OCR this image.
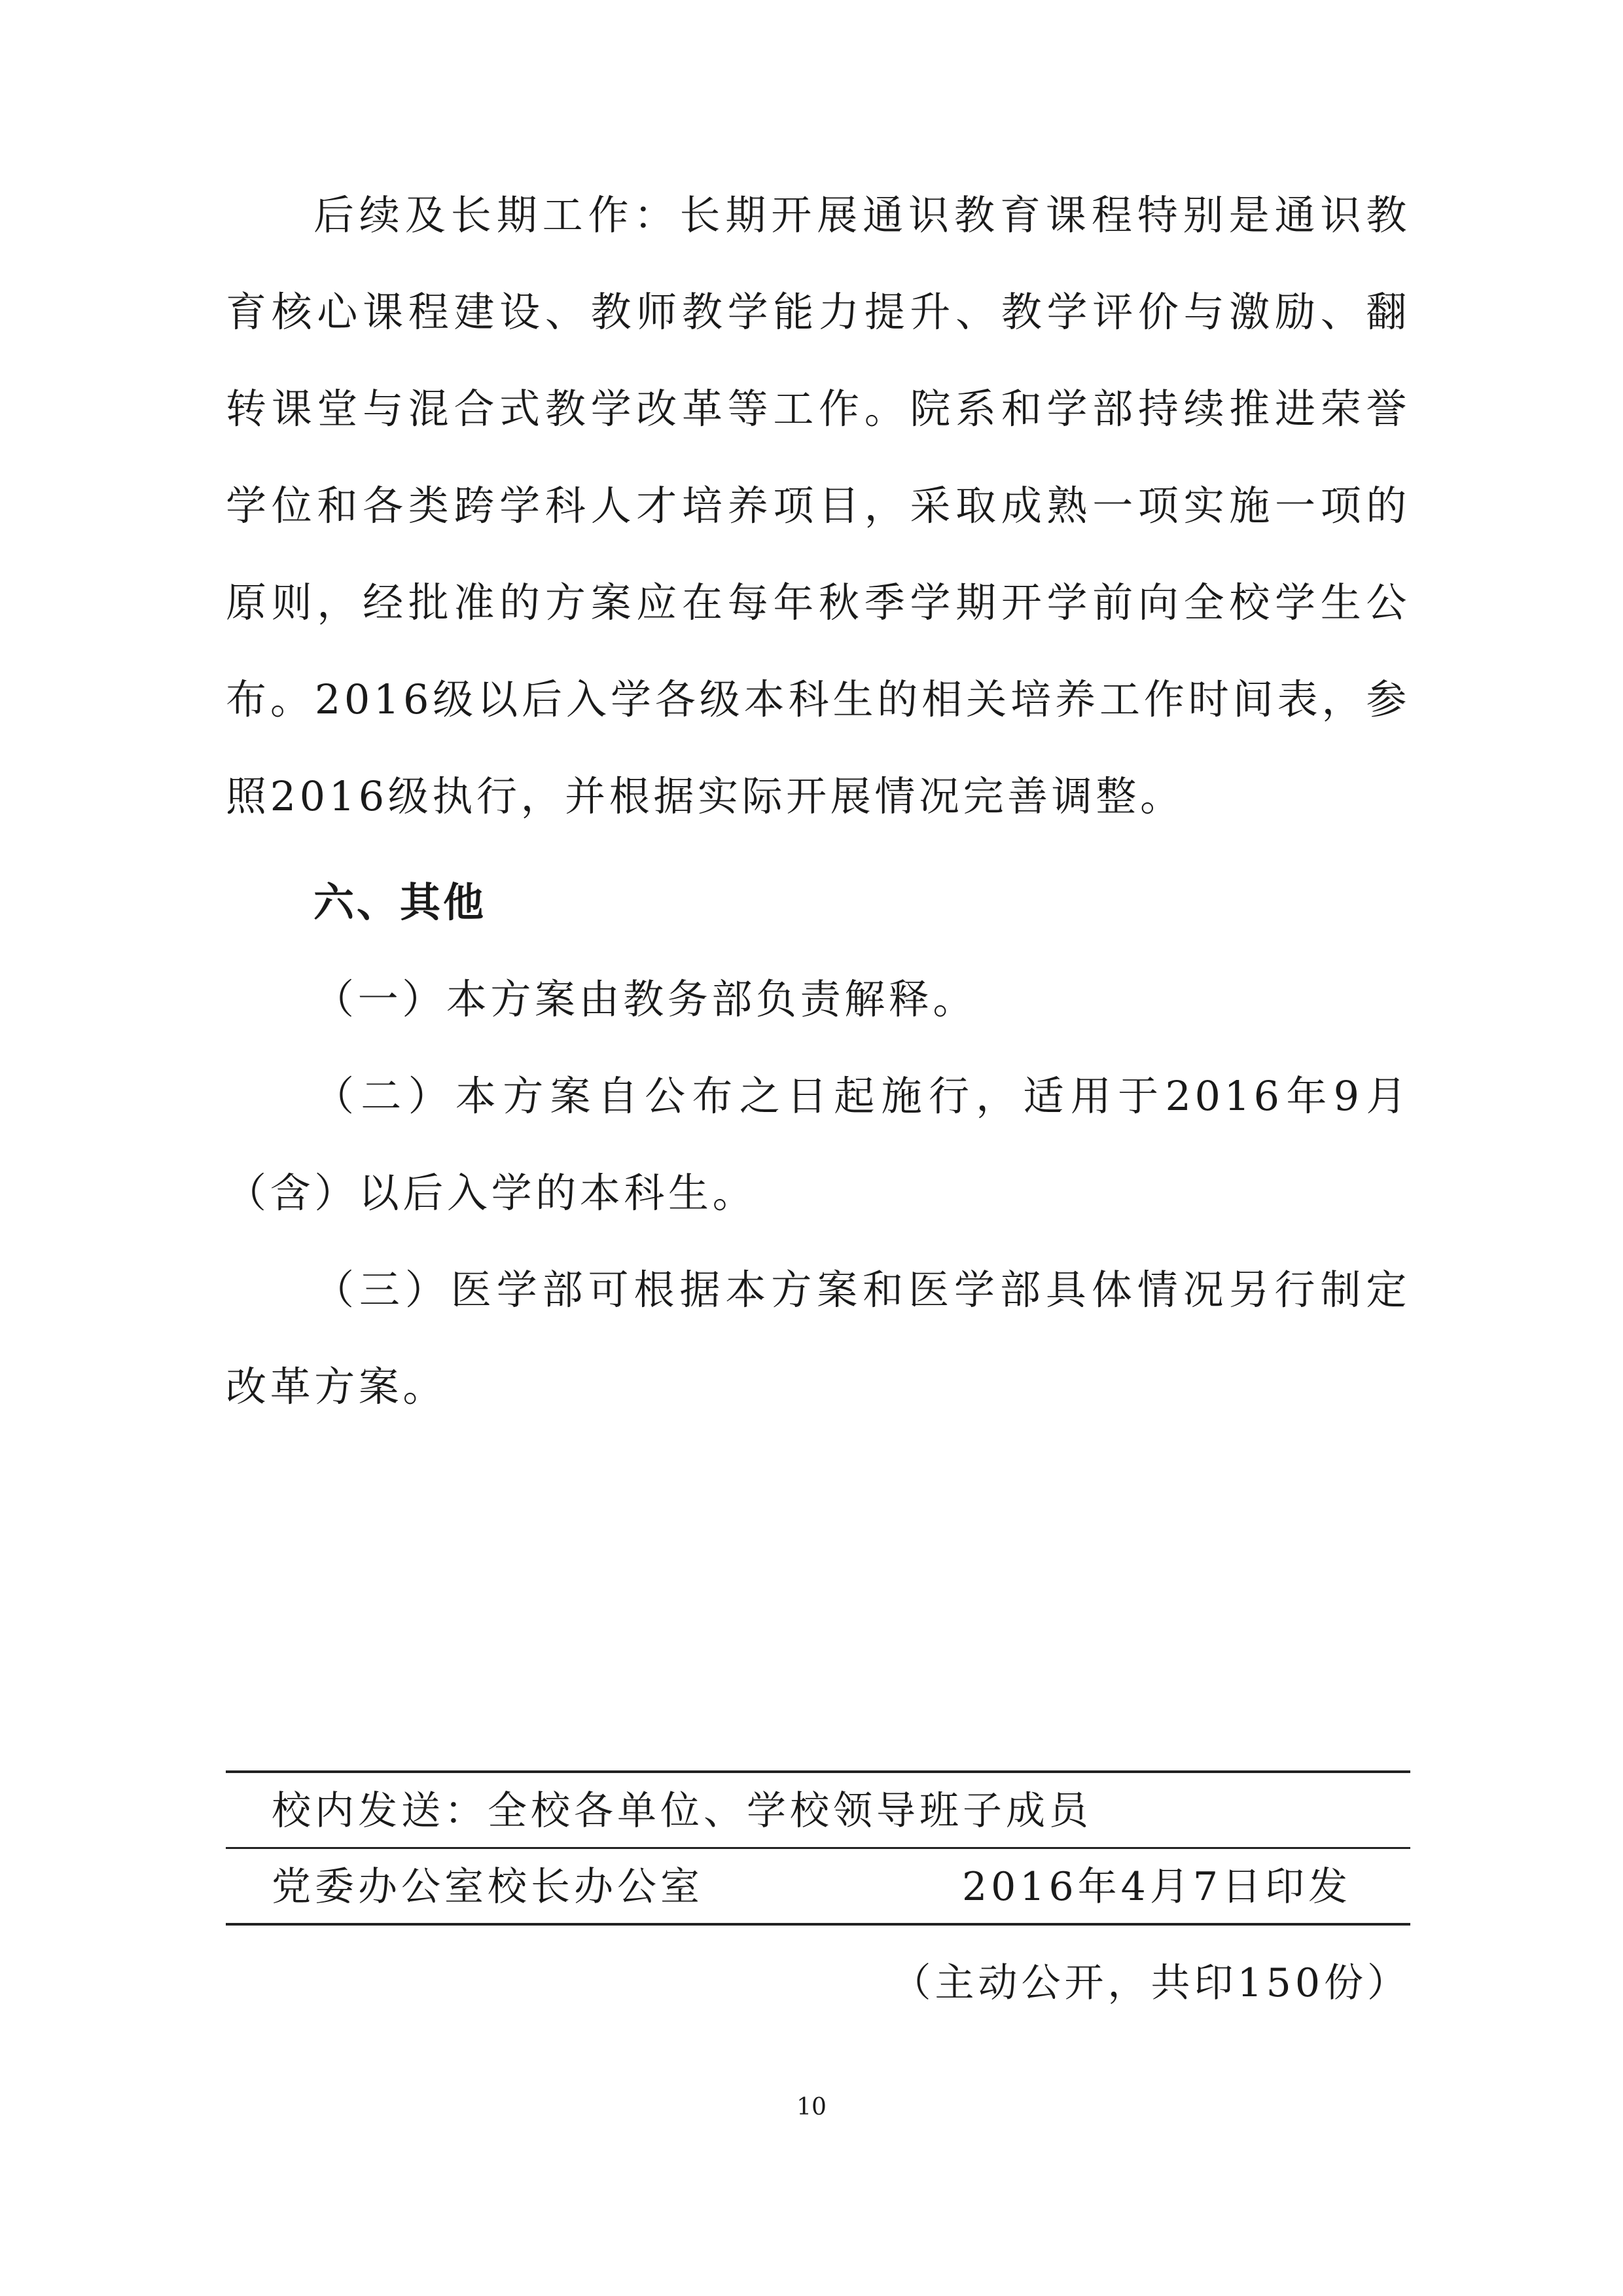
后续及长期工作：长期开展通识教育课程特别是通识教育核心课程建设、教师教学能力提升、教学评价与激励、翻转课堂与混合式教学改革等工作。院系和学部持续推进荣誉学位和各类跨学科人才培养项目，采取成熟一项实施一项的原则，经批准的方案应在每年秋季学期开学前向全校学生公布。2016级以后入学各级本科生的相关培养工作时间表，参照2016级执行，并根据实际开展情况完善调整。

六、其他

（一）本方案由教务部负责解释。

（二）本方案自公布之日起施行，适用于2016年9月（含）以后入学的本科生。

（三）医学部可根据本方案和医学部具体情况另行制定改革方案。

校内发送：全校各单位、学校领导班子成员
党委办公室校长办公室	2016年4月7日印发
（主动公开，共印150份）
10
